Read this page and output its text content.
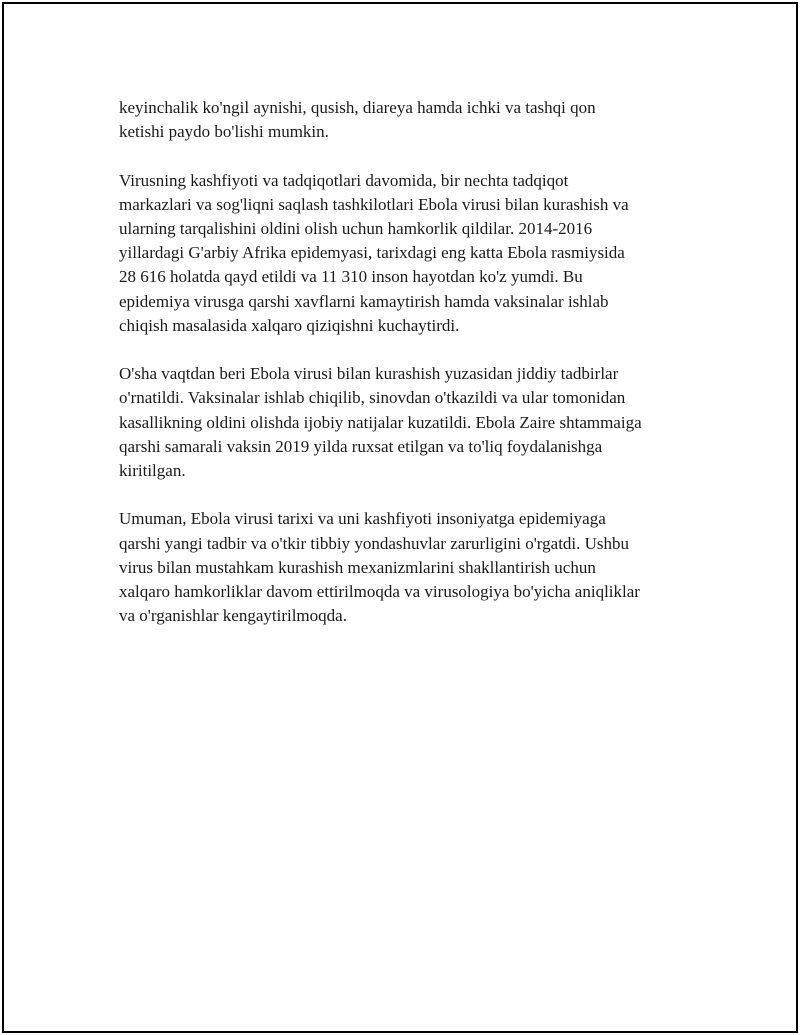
keyinchalik ko'ngil aynishi, qusish, diareya hamda ichki va tashqi qon
ketishi paydo bo'lishi mumkin.

Virusning kashfiyoti va tadqiqotlari davomida, bir nechta tadqiqot
markazlari va sog'liqni saqlash tashkilotlari Ebola virusi bilan kurashish va
ularning tarqalishini oldini olish uchun hamkorlik qildilar. 2014-2016
yillardagi G'arbiy Afrika epidemyasi, tarixdagi eng katta Ebola rasmiysida
28 616 holatda qayd etildi va 11 310 inson hayotdan ko'z yumdi. Bu
epidemiya virusga qarshi xavflarni kamaytirish hamda vaksinalar ishlab
chiqish masalasida xalqaro qiziqishni kuchaytirdi.

O'sha vaqtdan beri Ebola virusi bilan kurashish yuzasidan jiddiy tadbirlar
o'rnatildi. Vaksinalar ishlab chiqilib, sinovdan o'tkazildi va ular tomonidan
kasallikning oldini olishda ijobiy natijalar kuzatildi. Ebola Zaire shtammaiga
qarshi samarali vaksin 2019 yilda ruxsat etilgan va to'liq foydalanishga
kiritilgan.

Umuman, Ebola virusi tarixi va uni kashfiyoti insoniyatga epidemiyaga
qarshi yangi tadbir va o'tkir tibbiy yondashuvlar zarurligini o'rgatdi. Ushbu
virus bilan mustahkam kurashish mexanizmlarini shakllantirish uchun
xalqaro hamkorliklar davom ettirilmoqda va virusologiya bo'yicha aniqliklar
va o'rganishlar kengaytirilmoqda.
